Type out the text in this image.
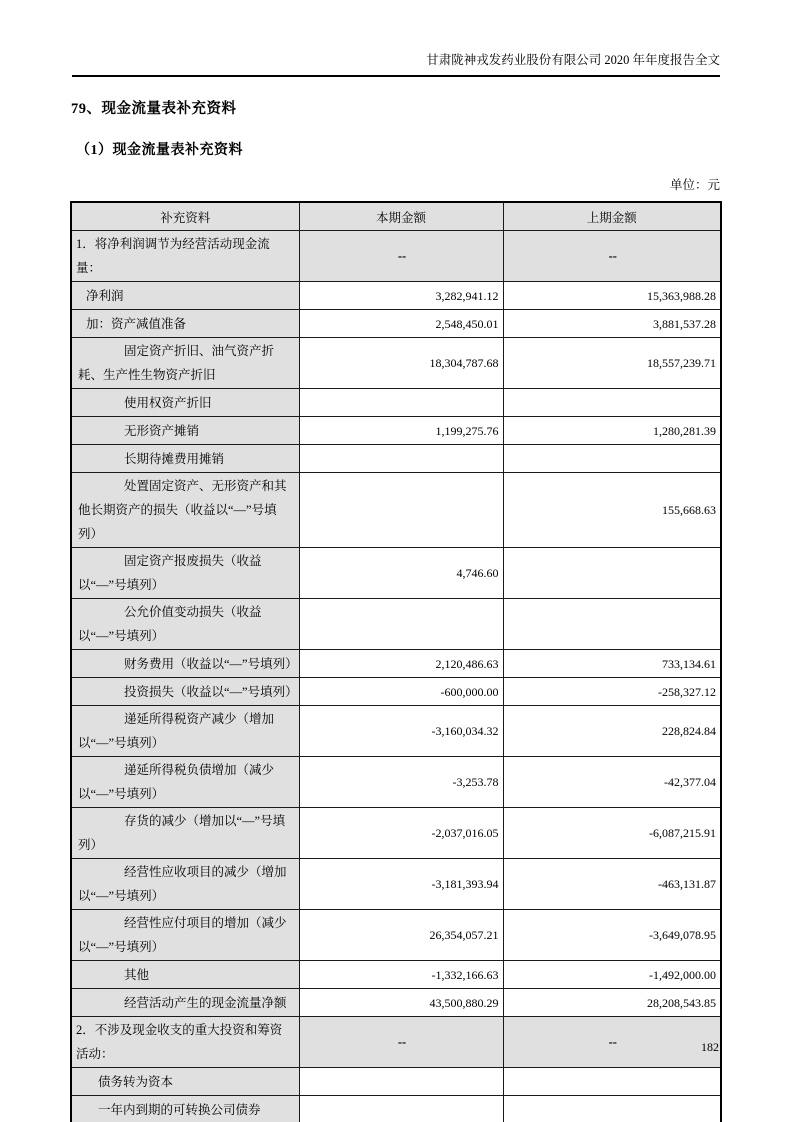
甘肃陇神戎发药业股份有限公司 2020 年年度报告全文
79、现金流量表补充资料
（1）现金流量表补充资料
单位：元
补充资料	本期金额	上期金额
1．将净利润调节为经营活动现金流量：	--	--
净利润	3,282,941.12	15,363,988.28
加：资产减值准备	2,548,450.01	3,881,537.28
固定资产折旧、油气资产折耗、生产性生物资产折旧	18,304,787.68	18,557,239.71
使用权资产折旧		
无形资产摊销	1,199,275.76	1,280,281.39
长期待摊费用摊销		
处置固定资产、无形资产和其他长期资产的损失（收益以“—”号填列）		155,668.63
固定资产报废损失（收益以“—”号填列）	4,746.60	
公允价值变动损失（收益以“—”号填列）		
财务费用（收益以“—”号填列）	2,120,486.63	733,134.61
投资损失（收益以“—”号填列）	-600,000.00	-258,327.12
递延所得税资产减少（增加以“—”号填列）	-3,160,034.32	228,824.84
递延所得税负债增加（减少以“—”号填列）	-3,253.78	-42,377.04
存货的减少（增加以“—”号填列）	-2,037,016.05	-6,087,215.91
经营性应收项目的减少（增加以“—”号填列）	-3,181,393.94	-463,131.87
经营性应付项目的增加（减少以“—”号填列）	26,354,057.21	-3,649,078.95
其他	-1,332,166.63	-1,492,000.00
经营活动产生的现金流量净额	43,500,880.29	28,208,543.85
2．不涉及现金收支的重大投资和筹资活动：	--	--
债务转为资本		
一年内到期的可转换公司债券		
182
